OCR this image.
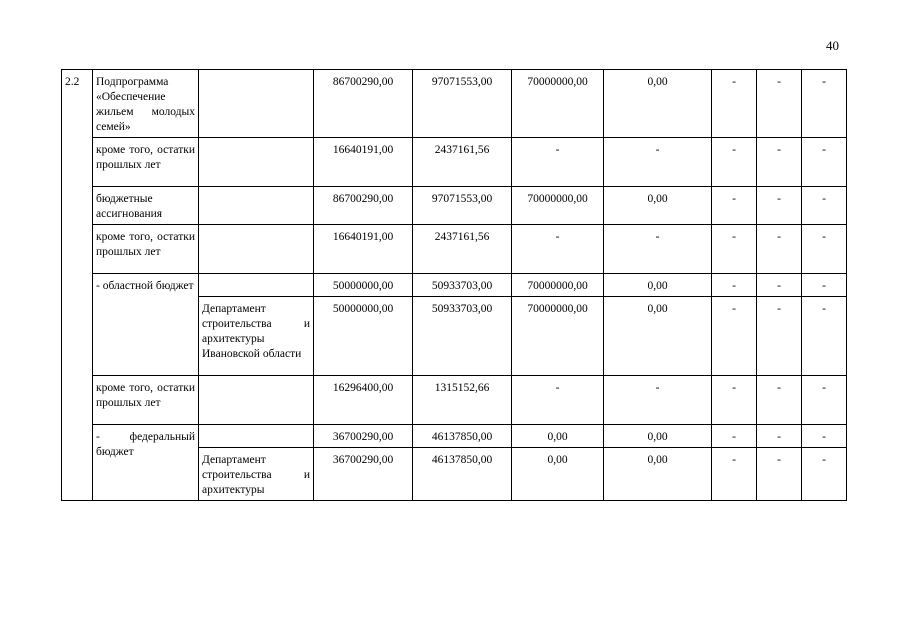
40
2.2	Подпрограмма «Обеспечение жильем молодых семей»		86700290,00	97071553,00	70000000,00	0,00	-	-	-
	кроме того, остатки прошлых лет		16640191,00	2437161,56	-	-	-	-	-
	бюджетные ассигнования		86700290,00	97071553,00	70000000,00	0,00	-	-	-
	кроме того, остатки прошлых лет		16640191,00	2437161,56	-	-	-	-	-
	- областной бюджет		50000000,00	50933703,00	70000000,00	0,00	-	-	-
		Департамент строительства и архитектуры Ивановской области	50000000,00	50933703,00	70000000,00	0,00	-	-	-
	кроме того, остатки прошлых лет		16296400,00	1315152,66	-	-	-	-	-
	- федеральный бюджет		36700290,00	46137850,00	0,00	0,00	-	-	-
		Департамент строительства и архитектуры	36700290,00	46137850,00	0,00	0,00	-	-	-
